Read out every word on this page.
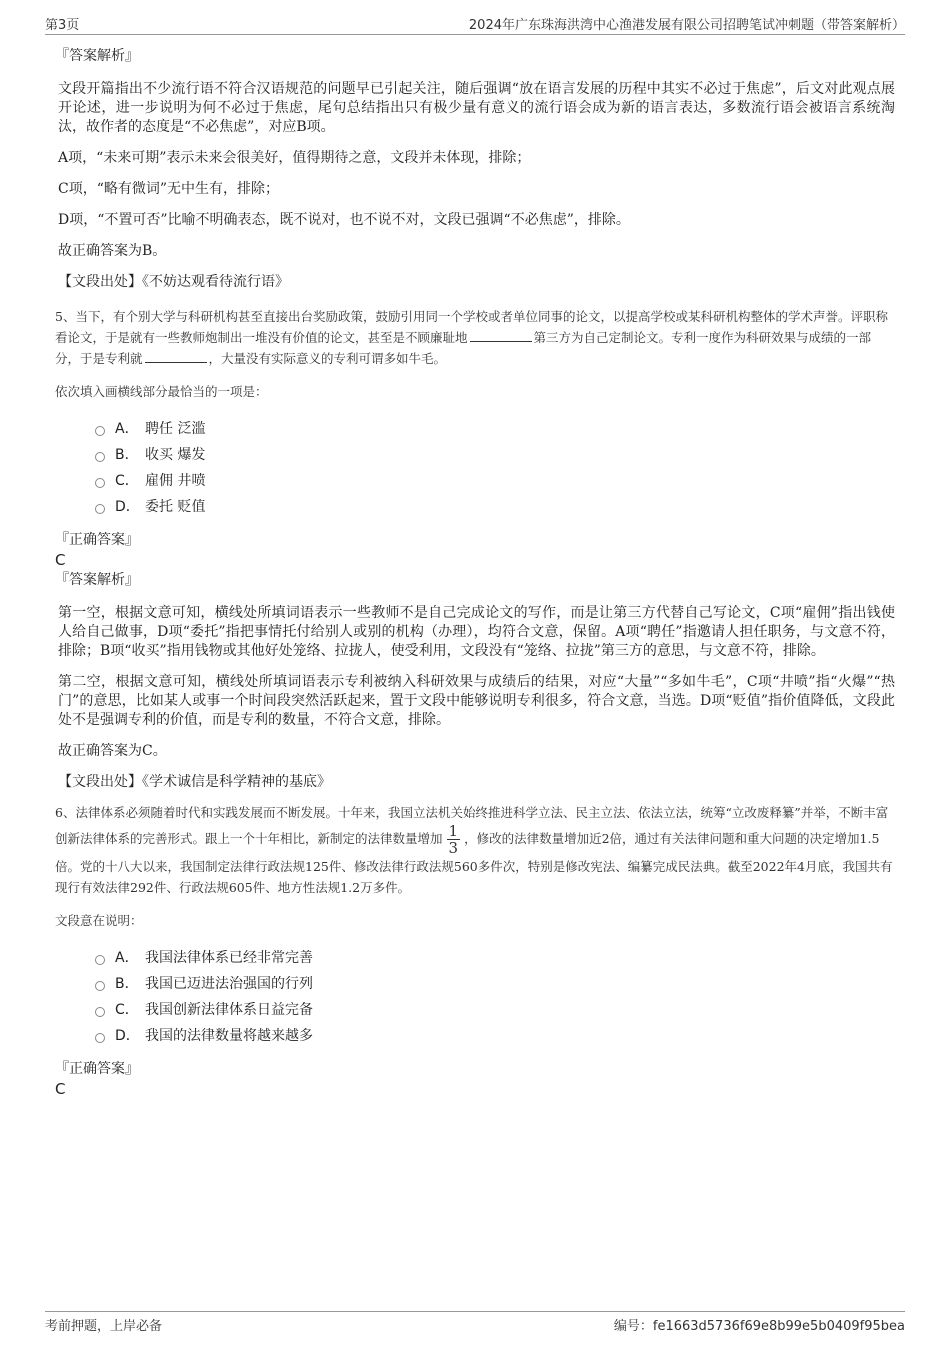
第3页	2024年广东珠海洪湾中心渔港发展有限公司招聘笔试冲刺题（带答案解析）

『答案解析』

文段开篇指出不少流行语不符合汉语规范的问题早已引起关注，随后强调“放在语言发展的历程中其实不必过于焦虑”，后文对此观点展开论述，进一步说明为何不必过于焦虑，尾句总结指出只有极少量有意义的流行语会成为新的语言表达，多数流行语会被语言系统淘汰，故作者的态度是“不必焦虑”，对应B项。

A项，“未来可期”表示未来会很美好，值得期待之意，文段并未体现，排除；

C项，“略有微词”无中生有，排除；

D项，“不置可否”比喻不明确表态，既不说对，也不说不对，文段已强调“不必焦虑”，排除。

故正确答案为B。

【文段出处】《不妨达观看待流行语》

5、当下，有个别大学与科研机构甚至直接出台奖励政策，鼓励引用同一个学校或者单位同事的论文，以提高学校或某科研机构整体的学术声誉。评职称看论文，于是就有一些教师炮制出一堆没有价值的论文，甚至是不顾廉耻地	第三方为自己定制论文。专利一度作为科研效果与成绩的一部分，于是专利就	，大量没有实际意义的专利可谓多如牛毛。

依次填入画横线部分最恰当的一项是：

A． 聘任 泛滥
B． 收买 爆发
C． 雇佣 井喷
D． 委托 贬值

『正确答案』

C

『答案解析』

第一空，根据文意可知，横线处所填词语表示一些教师不是自己完成论文的写作，而是让第三方代替自己写论文，C项“雇佣”指出钱使人给自己做事，D项“委托”指把事情托付给别人或别的机构（办理），均符合文意，保留。A项“聘任”指邀请人担任职务，与文意不符，排除；B项“收买”指用钱物或其他好处笼络、拉拢人，使受利用，文段没有“笼络、拉拢”第三方的意思，与文意不符，排除。

第二空，根据文意可知，横线处所填词语表示专利被纳入科研效果与成绩后的结果，对应“大量”“多如牛毛”，C项“井喷”指“火爆”“热门”的意思，比如某人或事一个时间段突然活跃起来，置于文段中能够说明专利很多，符合文意，当选。D项“贬值”指价值降低，文段此处不是强调专利的价值，而是专利的数量，不符合文意，排除。

故正确答案为C。

【文段出处】《学术诚信是科学精神的基底》

6、法律体系必须随着时代和实践发展而不断发展。十年来，我国立法机关始终推进科学立法、民主立法、依法立法，统筹“立改废释纂”并举，不断丰富创新法律体系的完善形式。跟上一个十年相比，新制定的法律数量增加 $\frac{1}{3}$ ，修改的法律数量增加近2倍，通过有关法律问题和重大问题的决定增加1.5倍。党的十八大以来，我国制定法律行政法规125件、修改法律行政法规560多件次，特别是修改宪法、编纂完成民法典。截至2022年4月底，我国共有现行有效法律292件、行政法规605件、地方性法规1.2万多件。

文段意在说明：

A． 我国法律体系已经非常完善
B． 我国已迈进法治强国的行列
C． 我国创新法律体系日益完备
D． 我国的法律数量将越来越多

『正确答案』

C

考前押题，上岸必备	编号：fe1663d5736f69e8b99e5b0409f95bea
